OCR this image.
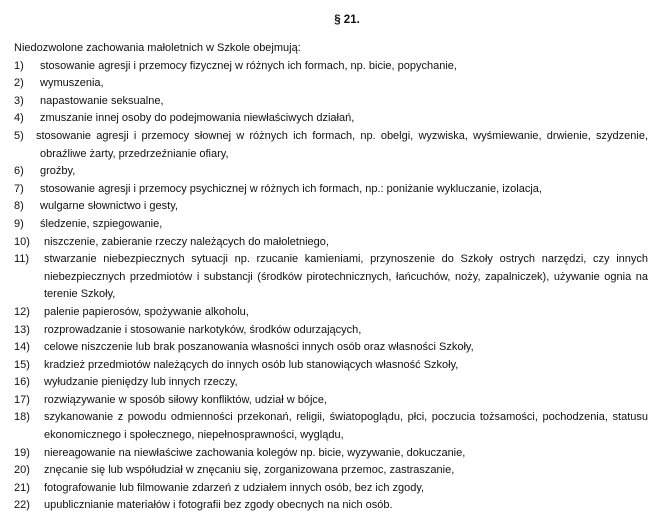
§ 21.

Niedozwolone zachowania małoletnich w Szkole obejmują:

1) stosowanie agresji i przemocy fizycznej w różnych ich formach, np. bicie, popychanie,
2) wymuszenia,
3) napastowanie seksualne,
4) zmuszanie innej osoby do podejmowania niewłaściwych działań,
5) stosowanie agresji i przemocy słownej w różnych ich formach, np. obelgi, wyzwiska, wyśmiewanie, drwienie, szydzenie, obraźliwe żarty, przedrzeźnianie ofiary,
6) groźby,
7) stosowanie agresji i przemocy psychicznej w różnych ich formach, np.: poniżanie wykluczanie, izolacja,
8) wulgarne słownictwo i gesty,
9) śledzenie, szpiegowanie,
10) niszczenie, zabieranie rzeczy należących do małoletniego,
11) stwarzanie niebezpiecznych sytuacji np. rzucanie kamieniami, przynoszenie do Szkoły ostrych narzędzi, czy innych niebezpiecznych przedmiotów i substancji (środków pirotechnicznych, łańcuchów, noży, zapalniczek), używanie ognia na terenie Szkoły,
12) palenie papierosów, spożywanie alkoholu,
13) rozprowadzanie i stosowanie narkotyków, środków odurzających,
14) celowe niszczenie lub brak poszanowania własności innych osób oraz własności Szkoły,
15) kradzież przedmiotów należących do innych osób lub stanowiących własność Szkoły,
16) wyłudzanie pieniędzy lub innych rzeczy,
17) rozwiązywanie w sposób siłowy konfliktów, udział w bójce,
18) szykanowanie z powodu odmienności przekonań, religii, światopoglądu, płci, poczucia tożsamości, pochodzenia, statusu ekonomicznego i społecznego, niepełnosprawności, wyglądu,
19) niereagowanie na niewłaściwe zachowania kolegów np. bicie, wyzywanie, dokuczanie,
20) znęcanie się lub współudział w znęcaniu się, zorganizowana przemoc, zastraszanie,
21) fotografowanie lub filmowanie zdarzeń z udziałem innych osób, bez ich zgody,
22) upublicznianie materiałów i fotografii bez zgody obecnych na nich osób.
